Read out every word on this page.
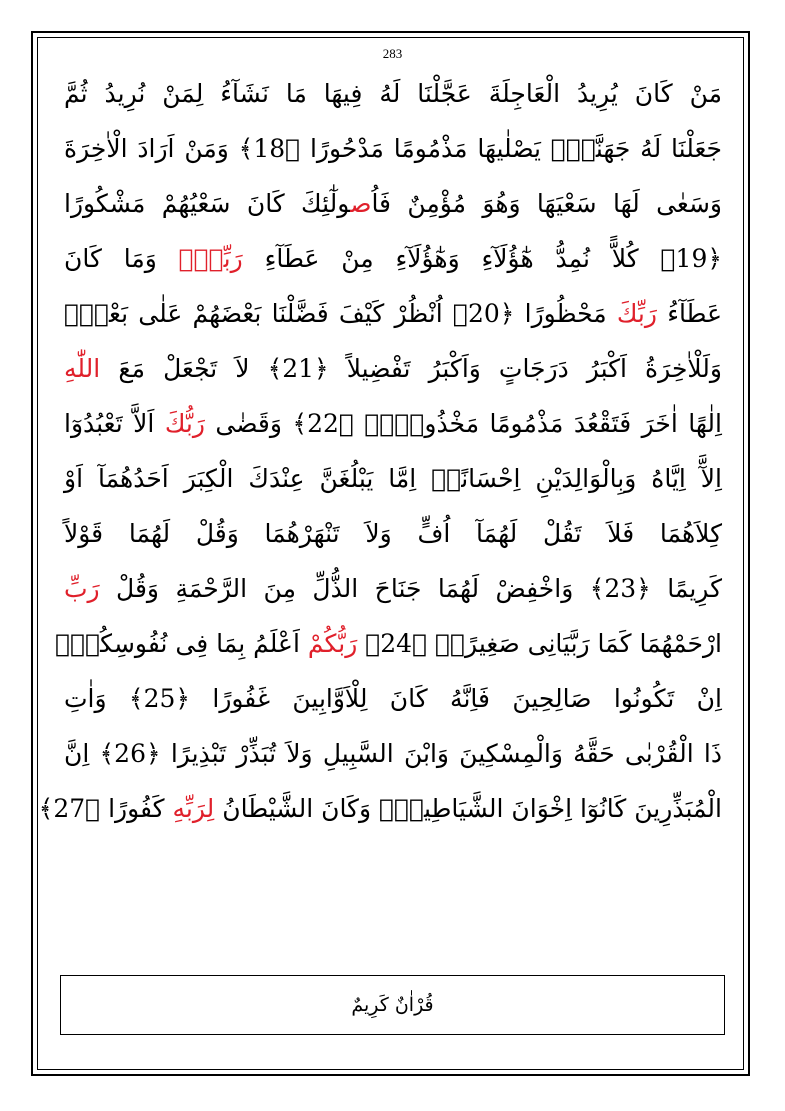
283
مَنْ كَانَ يُرِيدُ الْعَاجِلَةَ عَجَّلْنَا لَهُ فِيهَا مَا نَشَآءُ لِمَنْ نُرِيدُ ثُمَّ
جَعَلْنَا لَهُ جَهَنَّمَۚ يَصْلٰيهَا مَذْمُومًا مَدْحُورًا ﴿18﴾ وَمَنْ اَرَادَ الْاٰخِرَةَ
وَسَعٰى لَهَا سَعْيَهَا وَهُوَ مُؤْمِنٌ فَاُصولٰٓئِكَ كَانَ سَعْيُهُمْ مَشْكُورًا
﴿19﴾ كُلاًّ نُمِدُّ هٰٓؤُلَآءِ وَهٰٓؤُلَآءِ مِنْ عَطَآءِ رَبِّكَۜ وَمَا كَانَ
عَطَآءُ رَبِّكَ مَحْظُورًا ﴿20﴾ اُنْظُرْ كَيْفَ فَضَّلْنَا بَعْضَهُمْ عَلٰى بَعْضٍۜ
وَلَلْاٰخِرَةُ اَكْبَرُ دَرَجَاتٍ وَاَكْبَرُ تَفْضِيلاً ﴿21﴾ لاَ تَجْعَلْ مَعَ اللّٰهِ
اِلٰهًا اٰخَرَ فَتَقْعُدَ مَذْمُومًا مَخْذُولاًۛ ﴿22﴾ وَقَضٰى رَبُّكَ اَلاَّ تَعْبُدُوٓا
اِلآَّ اِيَّاهُ وَبِالْوَالِدَيْنِ اِحْسَانًاۜ اِمَّا يَبْلُغَنَّ عِنْدَكَ الْكِبَرَ اَحَدُهُمَآ اَوْ
كِلاَهُمَا فَلاَ تَقُلْ لَهُمَآ اُفٍّ وَلاَ تَنْهَرْهُمَا وَقُلْ لَهُمَا قَوْلاً
كَرِيمًا ﴿23﴾ وَاخْفِضْ لَهُمَا جَنَاحَ الذُّلِّ مِنَ الرَّحْمَةِ وَقُلْ رَبِّ
ارْحَمْهُمَا كَمَا رَبَّيَانِى صَغِيرًاۜ ﴿24﴾ رَبُّكُمْ اَعْلَمُ بِمَا فِى نُفُوسِكُمْۜ
اِنْ تَكُونُوا صَالِحِينَ فَاِنَّهُ كَانَ لِلْاَوَّابِينَ غَفُورًا ﴿25﴾ وَاٰتِ
ذَا الْقُرْبٰى حَقَّهُ وَالْمِسْكِينَ وَابْنَ السَّبِيلِ وَلاَ تُبَذِّرْ تَبْذِيرًا ﴿26﴾ اِنَّ
الْمُبَذِّرِينَ كَانُوٓا اِخْوَانَ الشَّيَاطِينِۜ وَكَانَ الشَّيْطَانُ لِرَبِّهِ كَفُورًا ﴿27﴾
قُرْاٰنٌ كَرِيمٌ
